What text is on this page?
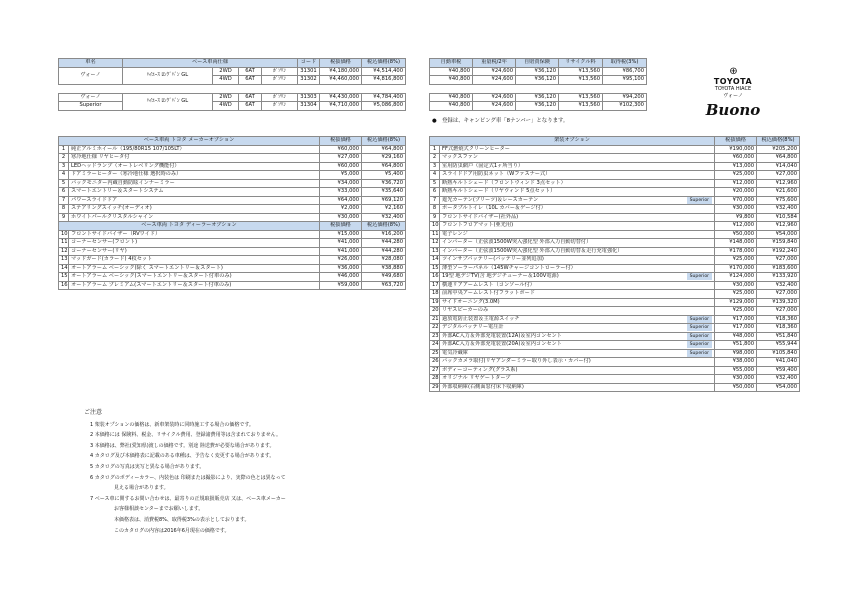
車名	ベース車両仕様				コード	税抜価格	税込価格(8%)
ヴォーノ	ﾊｲｴｰｽ ﾛﾝｸﾞﾊﾞﾝ GL	2WD	6AT	ｶﾞｿﾘﾝ	31301	¥4,180,000	¥4,514,400
		4WD	6AT	ｶﾞｿﾘﾝ	31302	¥4,460,000	¥4,816,800

ヴォーノ	ﾊｲｴｰｽ ﾛﾝｸﾞﾊﾞﾝ GL	2WD	6AT	ｶﾞｿﾘﾝ	31303	¥4,430,000	¥4,784,400
Superior		4WD	6AT	ｶﾞｿﾘﾝ	31304	¥4,710,000	¥5,086,800
自動車税	重量税/2年	自賠責保険	リサイクル料	取得税(3%)
¥40,800	¥24,600	¥36,120	¥13,560	¥86,700
¥40,800	¥24,600	¥36,120	¥13,560	¥95,100

¥40,800	¥24,600	¥36,120	¥13,560	¥94,200
¥40,800	¥24,600	¥36,120	¥13,560	¥102,300
●　登録は、キャンピング車「8ナンバー」となります。
⊕
TOYOTA
TOYOTA HIACE
ヴォーノ
Buono
ベース車両 トヨタ メーカーオプション		税抜価格	税込価格(8%)
1	純正アルミホイール（195/80R15 107/105LT）	¥60,000	¥64,800
2	寒冷地仕様 リヤヒータ付	¥27,000	¥29,160
3	LEDヘッドランプ（オートレベリング機能付）	¥60,000	¥64,800
4	ドアミラーヒーター（寒冷地仕様 選択時のみ）	¥5,000	¥5,400
5	バックモニター内蔵自動防眩インナーミラー	¥34,000	¥36,720
6	スマートエントリー＆スタートシステム	¥33,000	¥35,640
7	パワースライドドア	¥64,000	¥69,120
8	ステアリングスイッチ(オーディオ)	¥2,000	¥2,160
9	ホワイトパールクリスタルシャイン	¥30,000	¥32,400
ベース車両 トヨタ ディーラーオプション		税抜価格	税込価格(8%)
10	フロントサイドバイザー（RVワイド）	¥15,000	¥16,200
11	コーナーセンサー(フロント)	¥41,000	¥44,280
12	コーナーセンサー(リヤ)	¥41,000	¥44,280
13	マッドガード(カラード) 4枚セット	¥26,000	¥28,080
14	オートアラーム ベーシック(除く スマートエントリー＆スタート)	¥36,000	¥38,880
15	オートアラーム ベーシック(スマートエントリー＆スタート付車のみ)	¥46,000	¥49,680
16	オートアラーム プレミアム(スマートエントリー＆スタート付車のみ)	¥59,000	¥63,720
架装オプション		税抜価格	税込価格(8%)
1	FF式燃焼式クリーンヒーター	¥190,000	¥205,200
2	マックスファン	¥60,000	¥64,800
3	室用防虫網戸（固定式1ヶ所当り）	¥13,000	¥14,040
4	スライドドア用防虫ネット（Wファスナー式）	¥25,000	¥27,000
5	断熱キルトシェード（フロントウィンド 3点セット）	¥12,000	¥12,960
6	断熱キルトシェード（リヤウィンド 5点セット）	¥20,000	¥21,600
7	遮光カーテン(プリーツ)＆レースカーテン Superior	¥70,000	¥75,600
8	ポータブルトイレ（10L カバー＆ゲージ付）	¥30,000	¥32,400
9	フロントサイドバイザー(社外品)	¥9,800	¥10,584
10	フロントフロアマット(亜光用)	¥12,000	¥12,960
11	電子レンジ	¥50,000	¥54,000
12	インバーター（正弦波1500W突入強化型 外部入力自動切替付）	¥148,000	¥159,840
13	インバーター（正弦波1500W突入強化型 外部入力自動切替＆走行充電強化）	¥178,000	¥192,240
14	ツインサブバッテリー(バッテリー並列追加)	¥25,000	¥27,000
15	薄型ソーラーパネル（145Wチャージコントローラー付）	¥170,000	¥183,600
16	19型 地デジTV(含 地デジチューナー＆100V電源) Superior	¥124,000	¥133,920
17	横連リアアームレスト（コンソール付）	¥30,000	¥32,400
18	前席中央アームレスト付フラットボード	¥25,000	¥27,000
19	サイドオーニング(3.0M)	¥129,000	¥139,320
20	リヤスピーカーのみ	¥25,000	¥27,000
21	過放電防止装置＆主電源スイッチ Superior	¥17,000	¥18,360
22	デジタルバッテリー電圧計 Superior	¥17,000	¥18,360
23	外部AC入力＆外部充電装置(12A)＆室内コンセント Superior	¥48,000	¥51,840
24	外部AC入力＆外部充電装置(20A)＆室内コンセント Superior	¥51,800	¥55,944
25	電気冷蔵庫 Superior	¥98,000	¥105,840
26	バックカメラ取付(リヤアンダーミラー取り外し表示・カバー付)	¥38,000	¥41,040
27	ボディーコーティング(グラス系)	¥55,000	¥59,400
28	オリジナル リヤゲートタープ	¥30,000	¥32,400
29	外部収納庫(右側面窓付床下収納庫)	¥50,000	¥54,000
ご注意
1 架装オプションの価格は、新車架装時に同時施工する場合の価格です。
2 本価格には 保険料、税金、リサイクル費用、登録諸費用等は含まれておりません。
3 本価格は、弊社(愛知県)渡しの価格です。別途 陸送費が必要な場合があります。
4 カタログ及び本価格表に記載のある車種は、予告なく変更する場合があります。
5 カタログの写真は実写と異なる場合があります。
6 カタログのボディーカラー、内装色は 印刷または撮影により、実際の色とは異なって
見える場合があります。
7 ベース車に関するお問い合わせは、最寄りの正規取扱販売店 又は、ベース車メーカー
お客様相談センターまでお願いします。
本価格表は、消費税8%、取得税3%の表示としております。
このカタログの内容は2016年6月現在の価格です。
